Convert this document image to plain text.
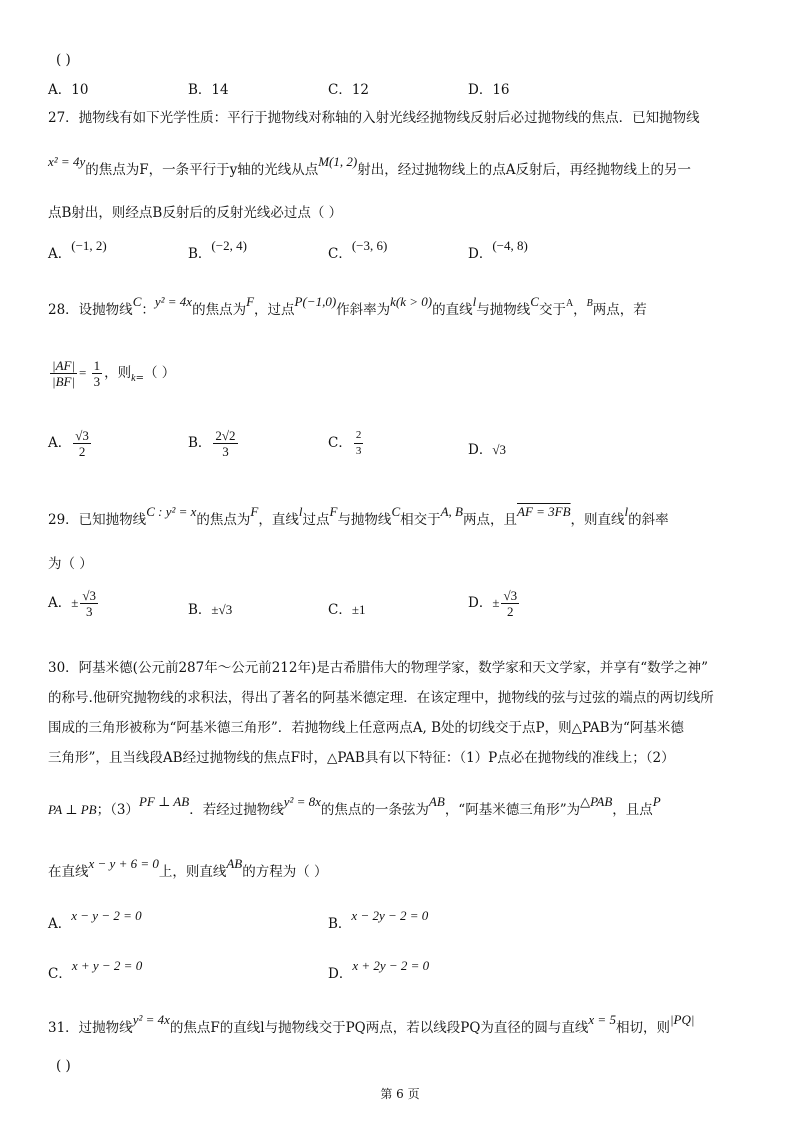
( )
A．10	B．14	C．12	D．16
27．抛物线有如下光学性质：平行于抛物线对称轴的入射光线经抛物线反射后必过抛物线的焦点．已知抛物线
x² = 4y的焦点为F，一条平行于y轴的光线从点M(1, 2)射出，经过抛物线上的点A反射后，再经抛物线上的另一
点B射出，则经点B反射后的反射光线必过点（ ）
A．(−1, 2)
B．(−2, 4)
C．(−3, 6)
D．(−4, 8)
28．设抛物线C：y² = 4x的焦点为F，过点P(−1,0)作斜率为k(k > 0)的直线l与抛物线C交于$^A$，$^B$两点，若
$\frac{|AF|}{|BF|} = \frac{1}{3}$ ，则$_{k=}$（ ）
A． $\frac{√3}{2}$	B． $\frac{2√2}{3}$	C． $\frac{2}{3}$	D．√3
29．已知抛物线C : y² = x的焦点为F，直线l过点F与抛物线C相交于A, B两点，且AF = 3FB，则直线l的斜率
为（ ）
A．± $\frac{√3}{3}$	B．±√3	C．±1	D．± $\frac{√3}{2}$
30．阿基米德(公元前287年～公元前212年)是古希腊伟大的物理学家，数学家和天文学家，并享有“数学之神”
的称号.他研究抛物线的求积法，得出了著名的阿基米德定理．在该定理中，抛物线的弦与过弦的端点的两切线所
围成的三角形被称为“阿基米德三角形”．若抛物线上任意两点A, B处的切线交于点P，则△PAB为“阿基米德
三角形”，且当线段AB经过抛物线的焦点F时，△PAB具有以下特征：（1）P点必在抛物线的准线上；（2）
PA ⊥ PB；（3）PF ⊥ AB．若经过抛物线y² = 8x的焦点的一条弦为AB，“阿基米德三角形”为△PAB，且点P
在直线x − y + 6 = 0上，则直线AB的方程为（ ）
A．x − y − 2 = 0
B．x − 2y − 2 = 0
C．x + y − 2 = 0
D．x + 2y − 2 = 0
31．过抛物线y² = 4x的焦点F的直线l与抛物线交于PQ两点，若以线段PQ为直径的圆与直线x = 5相切，则|PQ|
( )
第 6 页
